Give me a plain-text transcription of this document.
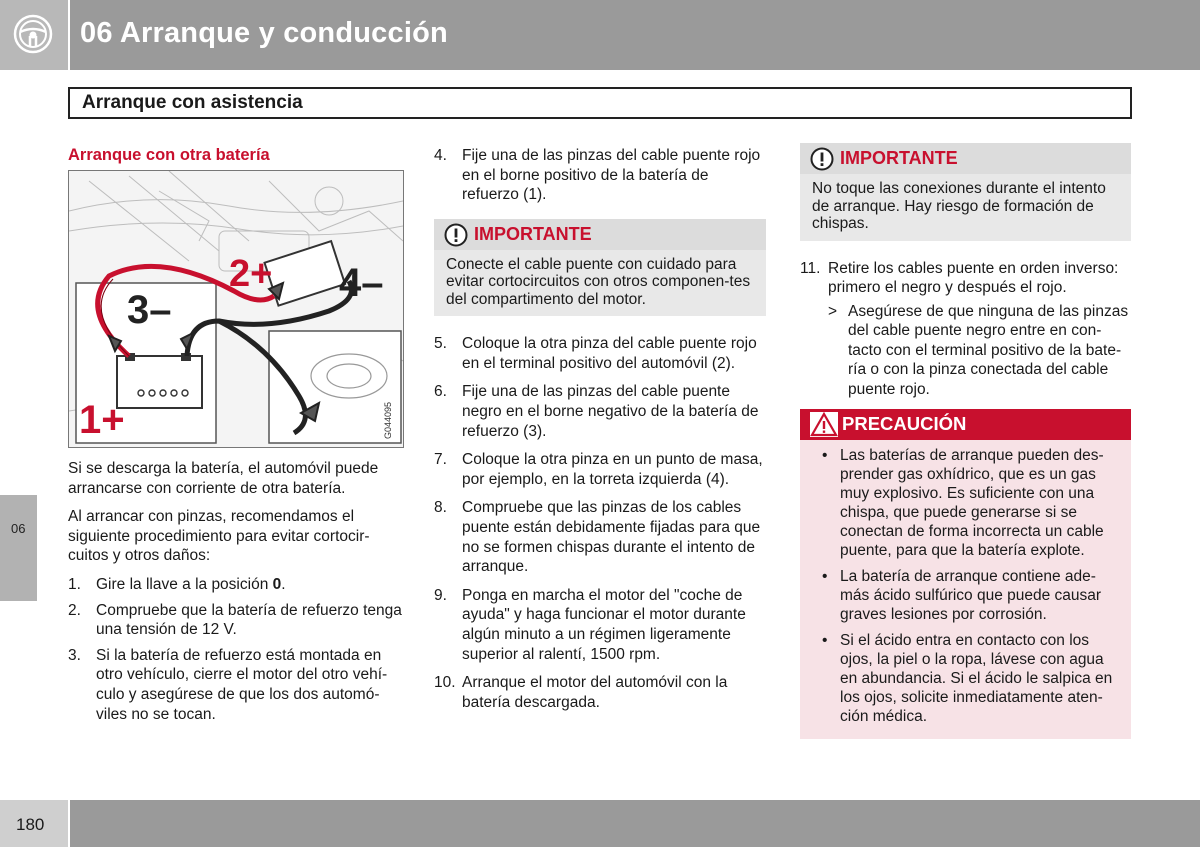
06 Arranque y conducción
Arranque con asistencia
Arranque con otra batería
2+ 4–
3–
1+	G044095

Si se descarga la batería, el automóvil puede arrancarse con corriente de otra batería.

Al arrancar con pinzas, recomendamos el siguiente procedimiento para evitar cortocir-cuitos y otros daños:

1. Gire la llave a la posición 0.
2. Compruebe que la batería de refuerzo tenga una tensión de 12 V.
3. Si la batería de refuerzo está montada en otro vehículo, cierre el motor del otro vehí-culo y asegúrese de que los dos automó-viles no se tocan.
4. Fije una de las pinzas del cable puente rojo en el borne positivo de la batería de refuerzo (1).
IMPORTANTE
Conecte el cable puente con cuidado para evitar cortocircuitos con otros componen-tes del compartimento del motor.
5. Coloque la otra pinza del cable puente rojo en el terminal positivo del automóvil (2).
6. Fije una de las pinzas del cable puente negro en el borne negativo de la batería de refuerzo (3).
7. Coloque la otra pinza en un punto de masa, por ejemplo, en la torreta izquierda (4).
8. Compruebe que las pinzas de los cables puente están debidamente fijadas para que no se formen chispas durante el intento de arranque.
9. Ponga en marcha el motor del "coche de ayuda" y haga funcionar el motor durante algún minuto a un régimen ligeramente superior al ralentí, 1500 rpm.
10. Arranque el motor del automóvil con la batería descargada.
IMPORTANTE
No toque las conexiones durante el intento de arranque. Hay riesgo de formación de chispas.
11. Retire los cables puente en orden inverso: primero el negro y después el rojo.
> Asegúrese de que ninguna de las pinzas del cable puente negro entre en con-tacto con el terminal positivo de la bate-ría o con la pinza conectada del cable puente rojo.
PRECAUCIÓN
• Las baterías de arranque pueden des-prender gas oxhídrico, que es un gas muy explosivo. Es suficiente con una chispa, que puede generarse si se conectan de forma incorrecta un cable puente, para que la batería explote.
• La batería de arranque contiene ade-más ácido sulfúrico que puede causar graves lesiones por corrosión.
• Si el ácido entra en contacto con los ojos, la piel o la ropa, lávese con agua en abundancia. Si el ácido le salpica en los ojos, solicite inmediatamente aten-ción médica.
06
180
